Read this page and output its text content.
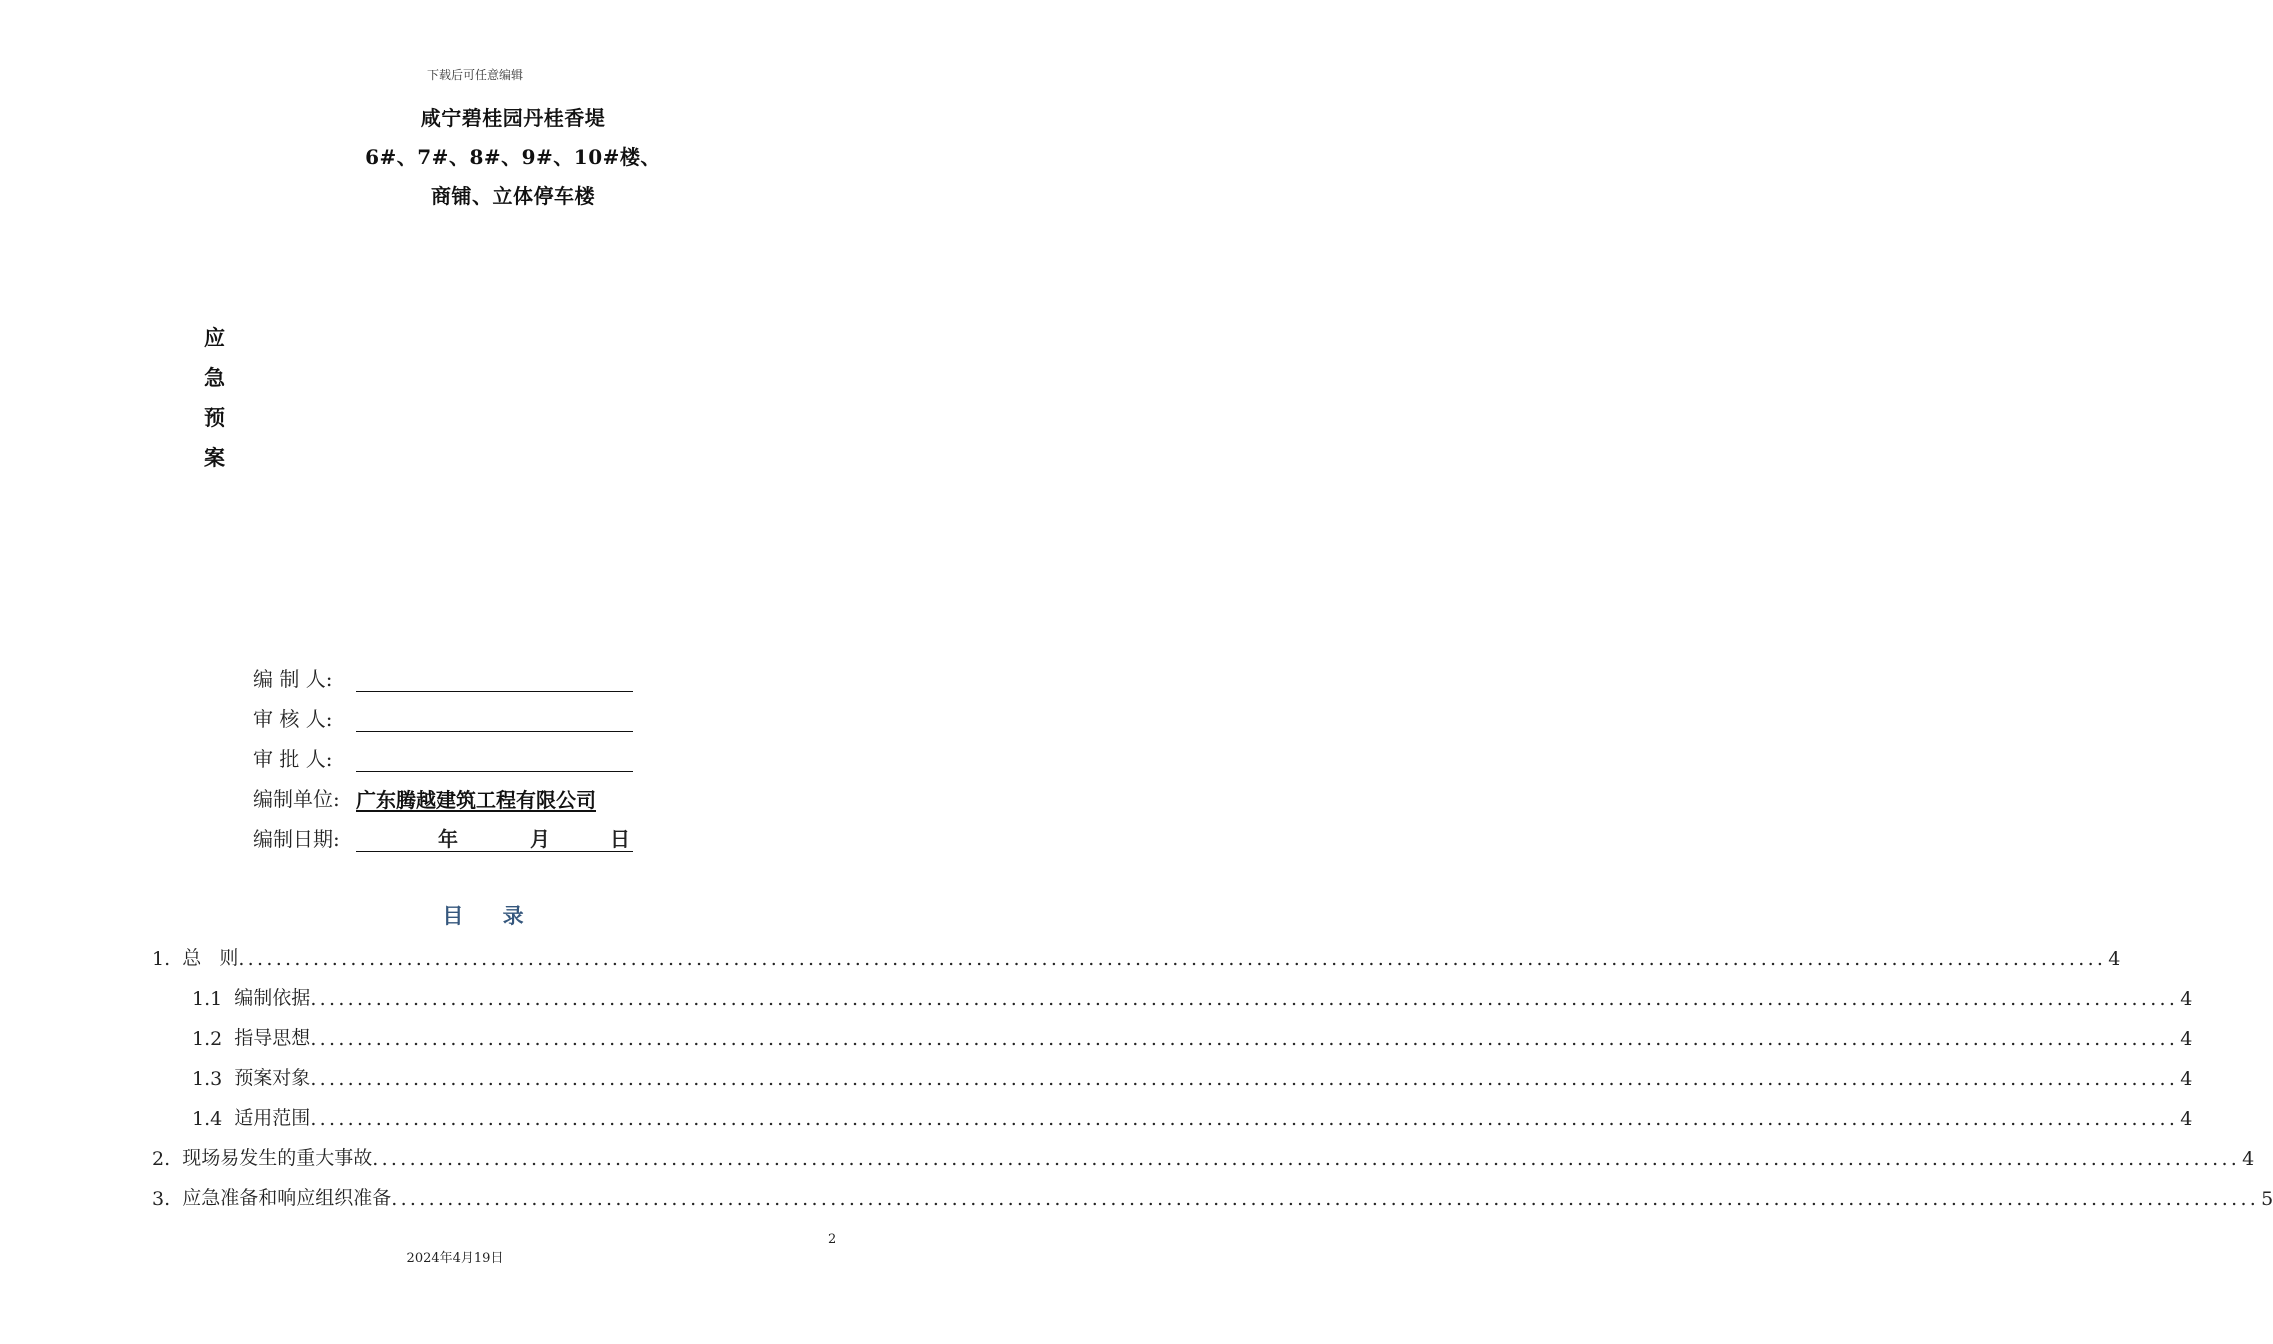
下载后可任意编辑
咸宁碧桂园丹桂香堤
6#、7#、8#、9#、10#楼、
商铺、立体停车楼
应
急
预
案
编 制 人:
审 核 人:
审 批 人:
编制单位: 广东腾越建筑工程有限公司
编制日期:	年	月	日
目    录
1. 总   则 ........................................................................................................................................................................................................ 4
1.1 编制依据 ........................................................................................................................................................................................................ 4
1.2 指导思想 ........................................................................................................................................................................................................ 4
1.3 预案对象 ........................................................................................................................................................................................................ 4
1.4 适用范围 ........................................................................................................................................................................................................ 4
2. 现场易发生的重大事故 ........................................................................................................................................................................................................ 4
3. 应急准备和响应组织准备 ........................................................................................................................................................................................................ 5
2
2024年4月19日
